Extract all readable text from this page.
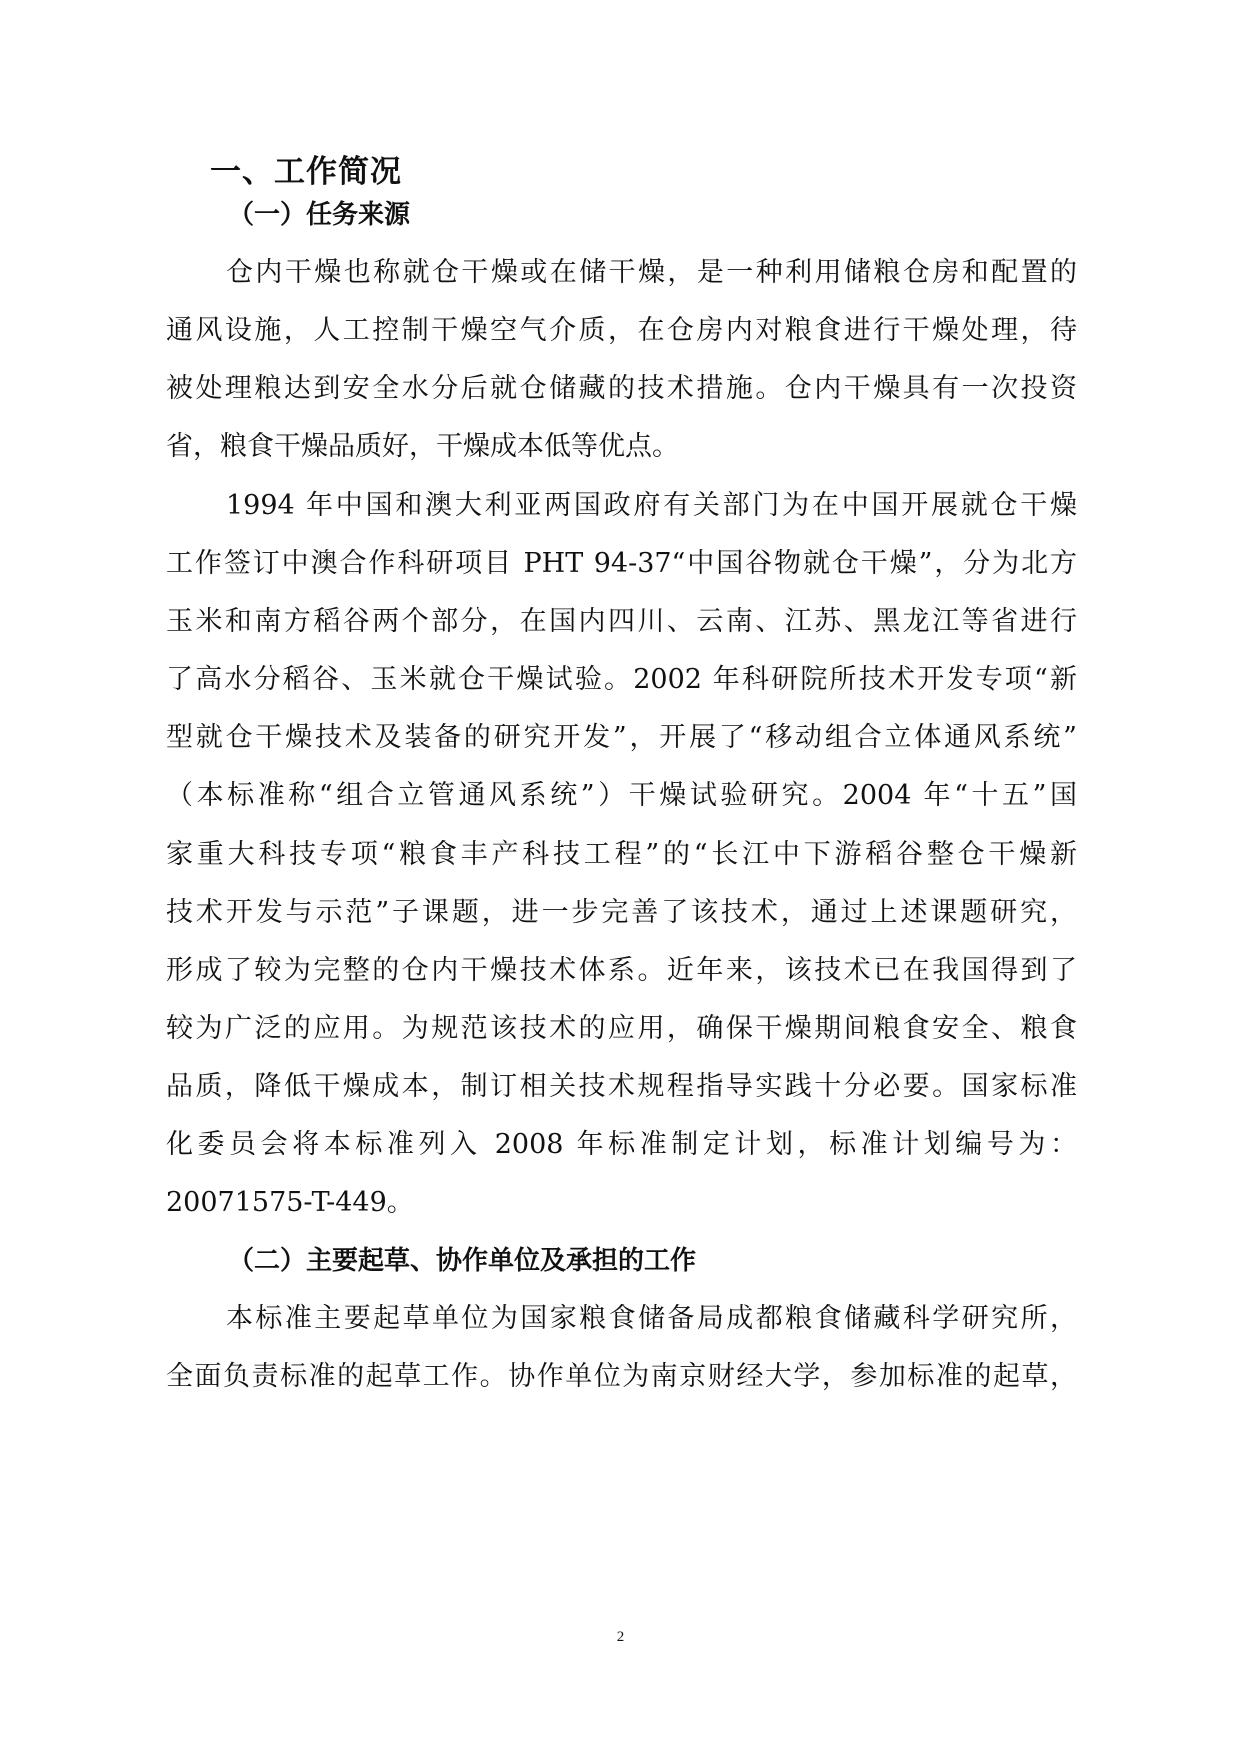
一、工作简况
（一）任务来源
仓内干燥也称就仓干燥或在储干燥，是一种利用储粮仓房和配置的
通风设施，人工控制干燥空气介质，在仓房内对粮食进行干燥处理，待
被处理粮达到安全水分后就仓储藏的技术措施。仓内干燥具有一次投资
省，粮食干燥品质好，干燥成本低等优点。
1994 年中国和澳大利亚两国政府有关部门为在中国开展就仓干燥
工作签订中澳合作科研项目 PHT 94-37“中国谷物就仓干燥”，分为北方
玉米和南方稻谷两个部分，在国内四川、云南、江苏、黑龙江等省进行
了高水分稻谷、玉米就仓干燥试验。2002 年科研院所技术开发专项“新
型就仓干燥技术及装备的研究开发”，开展了“移动组合立体通风系统”
（本标准称“组合立管通风系统”）干燥试验研究。2004 年“十五”国
家重大科技专项“粮食丰产科技工程”的“长江中下游稻谷整仓干燥新
技术开发与示范”子课题，进一步完善了该技术，通过上述课题研究，
形成了较为完整的仓内干燥技术体系。近年来，该技术已在我国得到了
较为广泛的应用。为规范该技术的应用，确保干燥期间粮食安全、粮食
品质，降低干燥成本，制订相关技术规程指导实践十分必要。国家标准
化委员会将本标准列入 2008 年标准制定计划，标准计划编号为：
20071575-T-449。
（二）主要起草、协作单位及承担的工作
本标准主要起草单位为国家粮食储备局成都粮食储藏科学研究所，
全面负责标准的起草工作。协作单位为南京财经大学，参加标准的起草，
2
